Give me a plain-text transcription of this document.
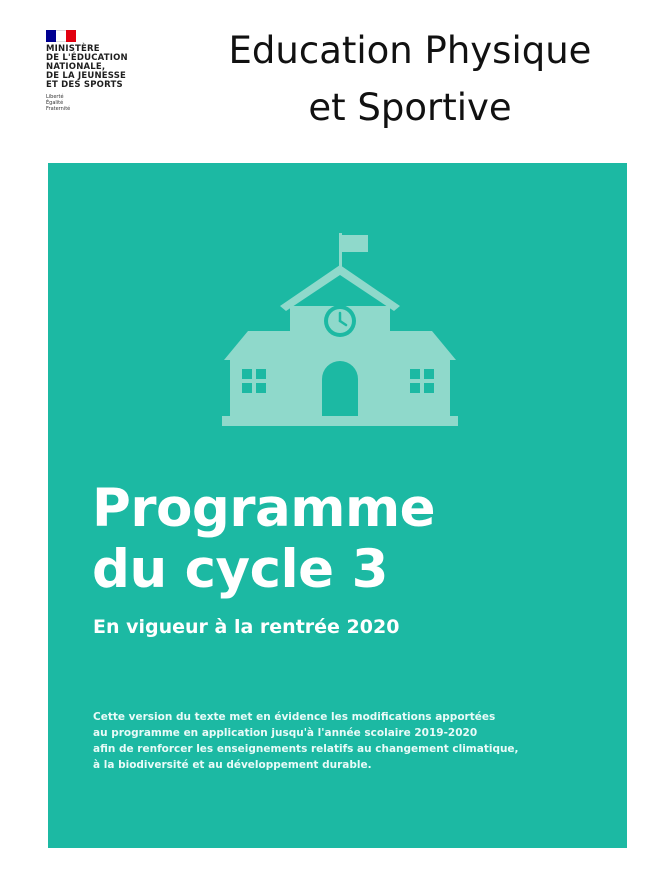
MINISTÈRE
DE L'ÉDUCATION
NATIONALE,
DE LA JEUNESSE
ET DES SPORTS
Liberté
Égalité
Fraternité
Education Physique
et Sportive
Programme
du cycle 3
En vigueur à la rentrée 2020
Cette version du texte met en évidence les modifications apportées
au programme en application jusqu'à l'année scolaire 2019-2020
afin de renforcer les enseignements relatifs au changement climatique,
à la biodiversité et au développement durable.
